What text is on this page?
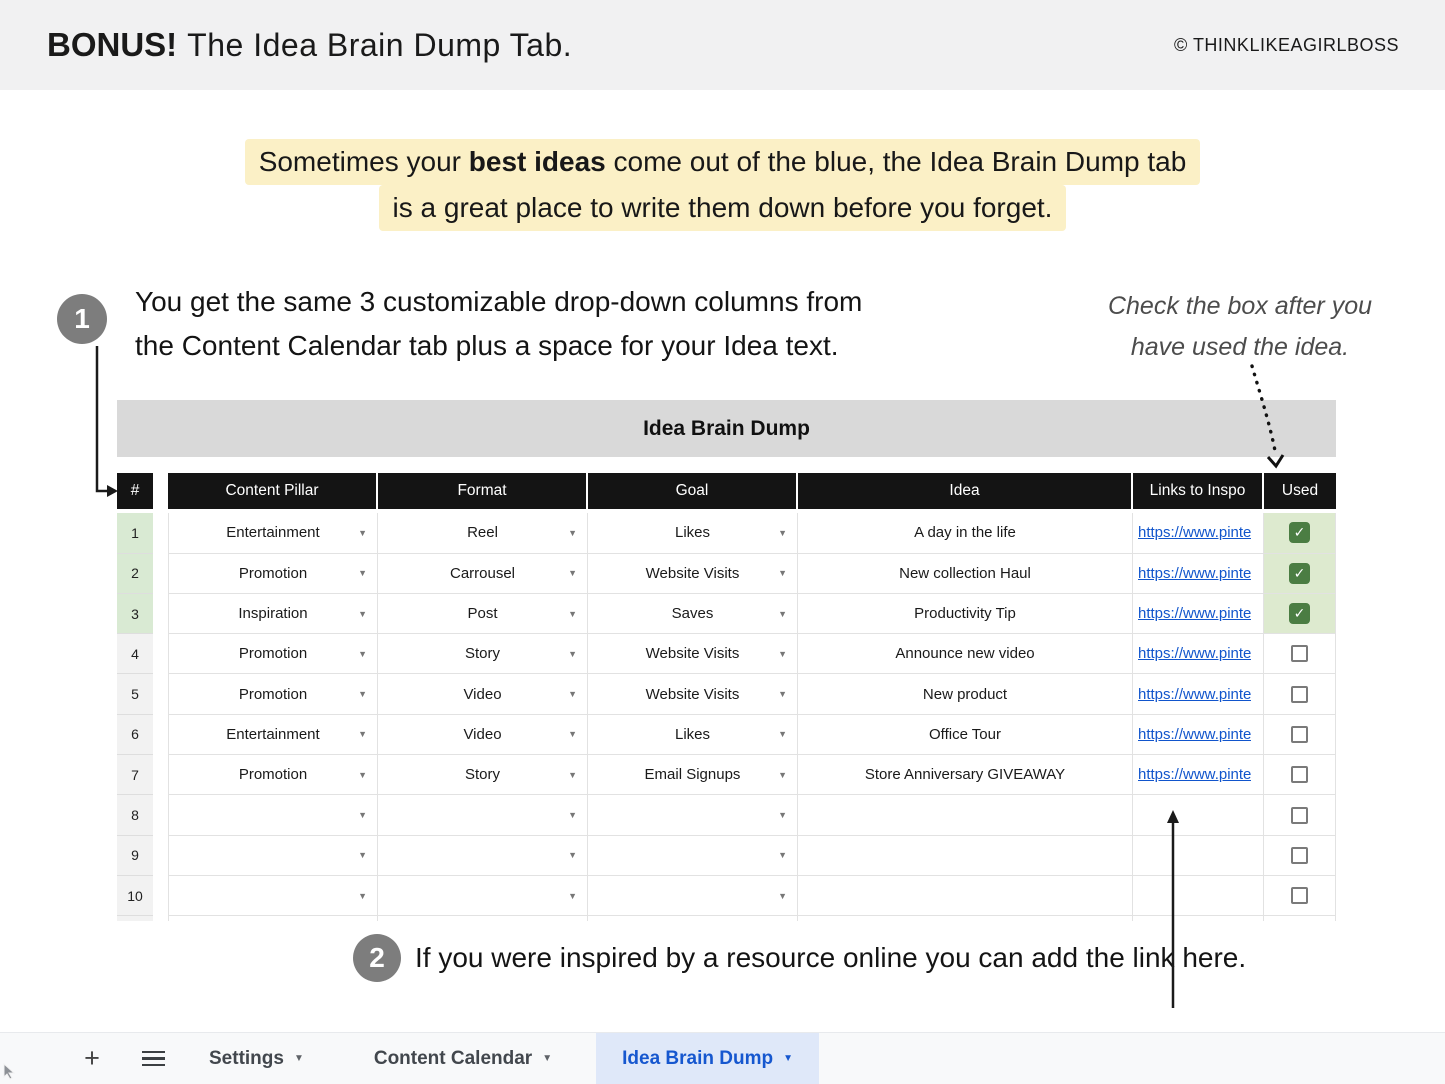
BONUS! The Idea Brain Dump Tab.	© THINKLIKEAGIRLBOSS
Sometimes your best ideas come out of the blue, the Idea Brain Dump tab
is a great place to write them down before you forget.
1
You get the same 3 customizable drop-down columns from
the Content Calendar tab plus a space for your Idea text.
Check the box after you
have used the idea.
Idea Brain Dump
#	Content Pillar	Format	Goal	Idea	Links to Inspo	Used
1	Entertainment	▼	Reel	▼	Likes	▼	A day in the life	https://www.pinte	✓
2	Promotion	▼	Carrousel	▼	Website Visits	▼	New collection Haul	https://www.pinte	✓
3	Inspiration	▼	Post	▼	Saves	▼	Productivity Tip	https://www.pinte	✓
4	Promotion	▼	Story	▼	Website Visits	▼	Announce new video	https://www.pinte
5	Promotion	▼	Video	▼	Website Visits	▼	New product	https://www.pinte
6	Entertainment	▼	Video	▼	Likes	▼	Office Tour	https://www.pinte
7	Promotion	▼	Story	▼	Email Signups	▼	Store Anniversary GIVEAWAY	https://www.pinte
8	▼	▼	▼
9	▼	▼	▼
10	▼	▼	▼
2 If you were inspired by a resource online you can add the link here.
+	Settings ▼	Content Calendar ▼	Idea Brain Dump ▼
